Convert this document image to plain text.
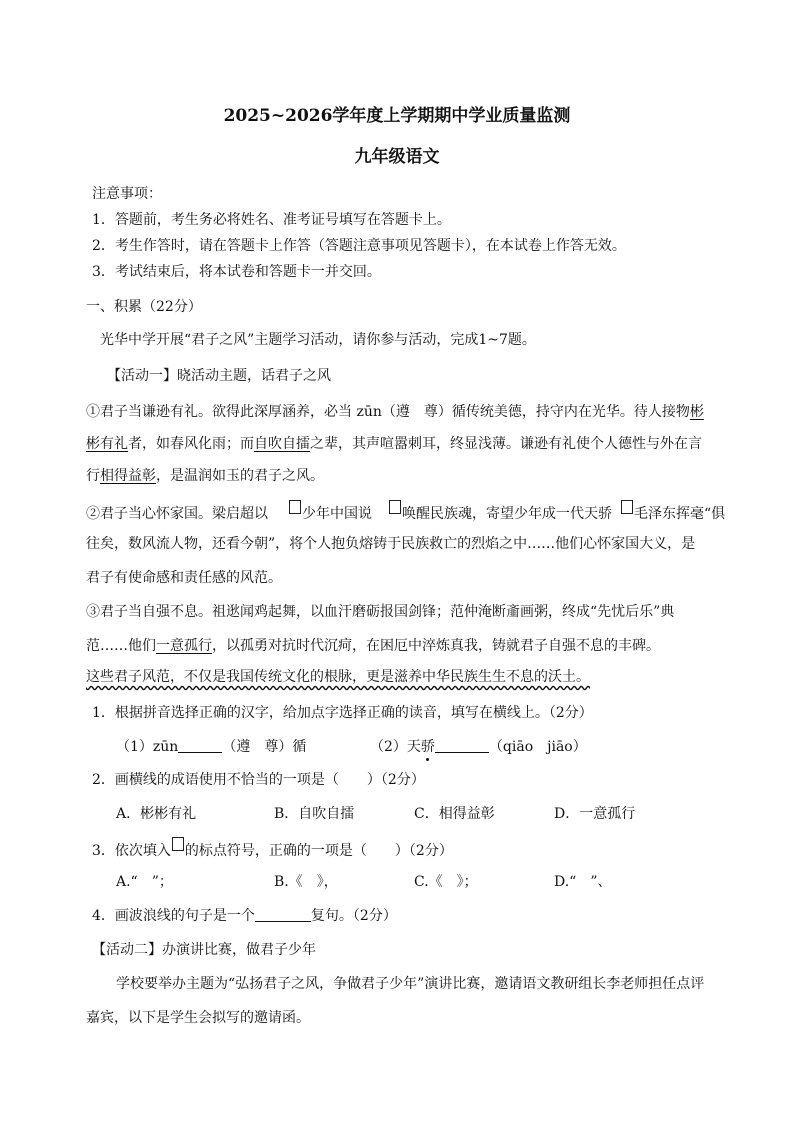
2025~2026学年度上学期期中学业质量监测
九年级语文
注意事项：
1．答题前，考生务必将姓名、准考证号填写在答题卡上。
2．考生作答时，请在答题卡上作答（答题注意事项见答题卡），在本试卷上作答无效。
3．考试结束后，将本试卷和答题卡一并交回。
一、积累（22分）
光华中学开展“君子之风”主题学习活动，请你参与活动，完成1~7题。
【活动一】晓活动主题，话君子之风
①君子当谦逊有礼。欲得此深厚涵养，必当 zūn（遵　尊）循传统美德，持守内在光华。待人接物彬
彬有礼者，如春风化雨；而自吹自擂之辈，其声喧嚣刺耳，终显浅薄。谦逊有礼使个人德性与外在言
行相得益彰，是温润如玉的君子之风。
②君子当心怀家国。梁启超以 少年中国说 唤醒民族魂，寄望少年成一代天骄 毛泽东挥毫“俱
往矣，数风流人物，还看今朝”，将个人抱负熔铸于民族救亡的烈焰之中……他们心怀家国大义，是
君子有使命感和责任感的风范。
③君子当自强不息。祖逖闻鸡起舞，以血汗磨砺报国剑锋；范仲淹断齑画粥，终成“先忧后乐”典
范……他们一意孤行，以孤勇对抗时代沉疴，在困厄中淬炼真我，铸就君子自强不息的丰碑。
这些君子风范，不仅是我国传统文化的根脉，更是滋养中华民族生生不息的沃土。
1．根据拼音选择正确的汉字，给加点字选择正确的读音，填写在横线上。（2分）
（1）zūn	（遵　尊）循	（2）天骄	（qiāo　jiāo）
2．画横线的成语使用不恰当的一项是（　　）（2分）
A．彬彬有礼	B．自吹自擂	C．相得益彰	D．一意孤行
3．依次填入 的标点符号，正确的一项是（　　）（2分）
A.“　”；	B.《　》，	C.《　》；	D.“　”、
4．画波浪线的句子是一个	复句。（2分）
【活动二】办演讲比赛，做君子少年
学校要举办主题为“弘扬君子之风，争做君子少年”演讲比赛，邀请语文教研组长李老师担任点评
嘉宾，以下是学生会拟写的邀请函。
